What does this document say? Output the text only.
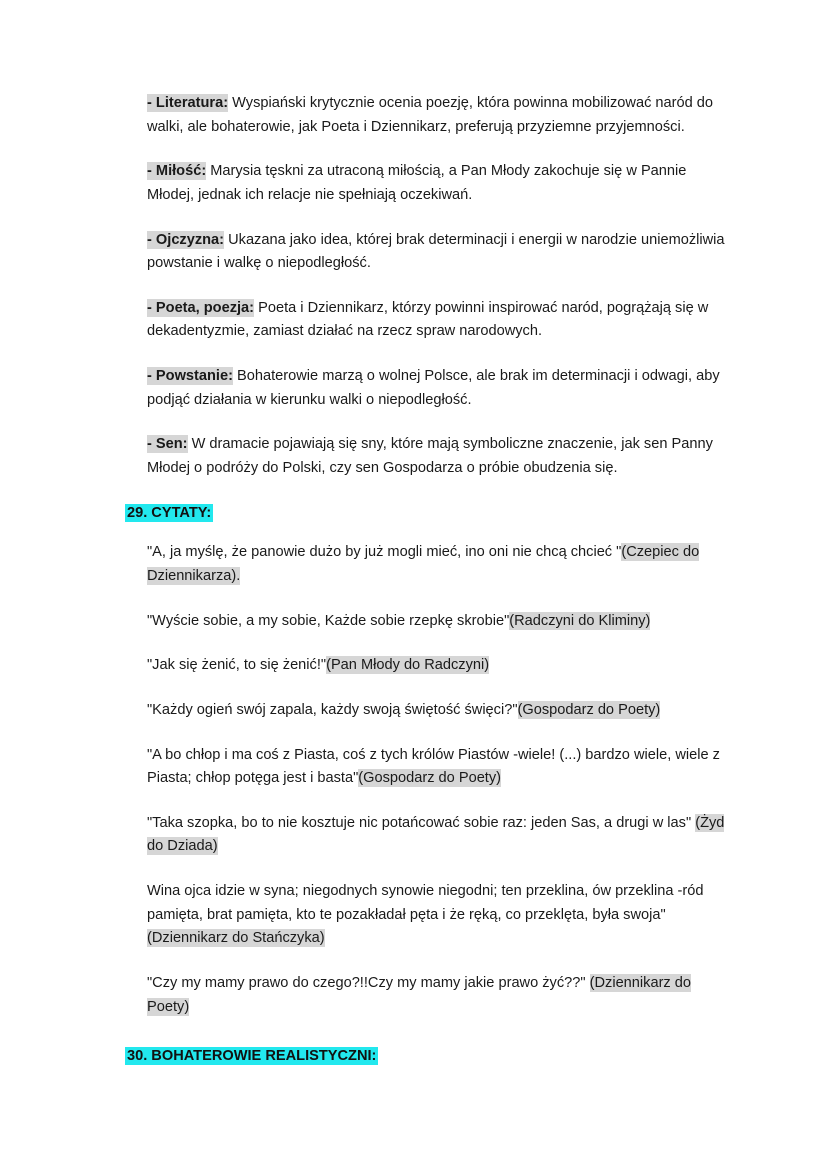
- Literatura: Wyspiański krytycznie ocenia poezję, która powinna mobilizować naród do walki, ale bohaterowie, jak Poeta i Dziennikarz, preferują przyziemne przyjemności.

- Miłość: Marysia tęskni za utraconą miłością, a Pan Młody zakochuje się w Pannie Młodej, jednak ich relacje nie spełniają oczekiwań.

- Ojczyzna: Ukazana jako idea, której brak determinacji i energii w narodzie uniemożliwia powstanie i walkę o niepodległość.

- Poeta, poezja: Poeta i Dziennikarz, którzy powinni inspirować naród, pogrążają się w dekadentyzmie, zamiast działać na rzecz spraw narodowych.

- Powstanie: Bohaterowie marzą o wolnej Polsce, ale brak im determinacji i odwagi, aby podjąć działania w kierunku walki o niepodległość.

- Sen: W dramacie pojawiają się sny, które mają symboliczne znaczenie, jak sen Panny Młodej o podróży do Polski, czy sen Gospodarza o próbie obudzenia się.

29. CYTATY:

"A, ja myślę, że panowie dużo by już mogli mieć, ino oni nie chcą chcieć "(Czepiec do Dziennikarza).

"Wyście sobie, a my sobie, Każde sobie rzepkę skrobie"(Radczyni do Kliminy)

"Jak się żenić, to się żenić!"(Pan Młody do Radczyni)

"Każdy ogień swój zapala, każdy swoją świętość święci?"(Gospodarz do Poety)

"A bo chłop i ma coś z Piasta, coś z tych królów Piastów -wiele! (...) bardzo wiele, wiele z Piasta; chłop potęga jest i basta"(Gospodarz do Poety)

"Taka szopka, bo to nie kosztuje nic potańcować sobie raz: jeden Sas, a drugi w las" (Żyd do Dziada)

Wina ojca idzie w syna; niegodnych synowie niegodni; ten przeklina, ów przeklina -ród pamięta, brat pamięta, kto te pozakładał pęta i że ręką, co przeklęta, była swoja"(Dziennikarz do Stańczyka)

"Czy my mamy prawo do czego?!!Czy my mamy jakie prawo żyć??" (Dziennikarz do Poety)

30. BOHATEROWIE REALISTYCZNI:
